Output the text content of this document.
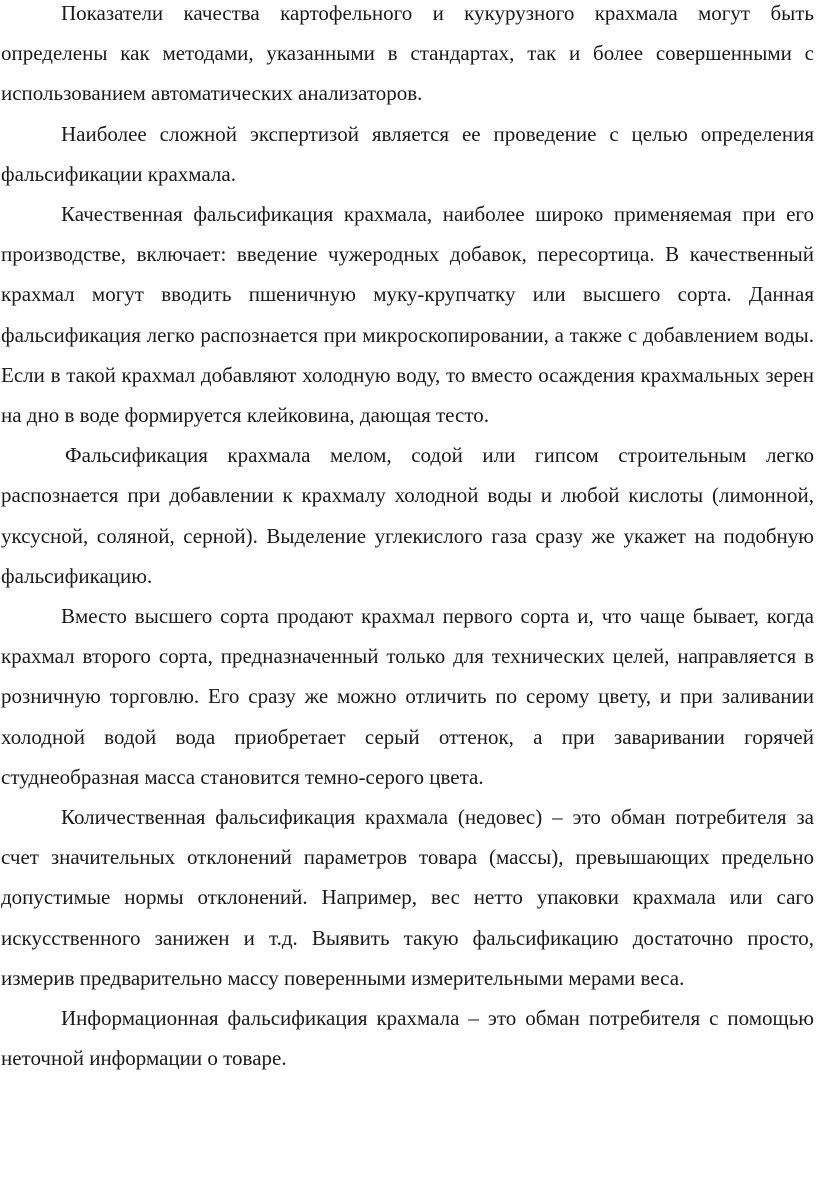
Показатели качества картофельного и кукурузного крахмала могут быть определены как методами, указанными в стандартах, так и более совершенными с использованием автоматических анализаторов.

Наиболее сложной экспертизой является ее проведение с целью определения фальсификации крахмала.

Качественная фальсификация крахмала, наиболее широко применяемая при его производстве, включает: введение чужеродных добавок, пересортица. В качественный крахмал могут вводить пшеничную муку-крупчатку или высшего сорта. Данная фальсификация легко распознается при микроскопировании, а также с добавлением воды. Если в такой крахмал добавляют холодную воду, то вместо осаждения крахмальных зерен на дно в воде формируется клейковина, дающая тесто.

Фальсификация крахмала мелом, содой или гипсом строительным легко распознается при добавлении к крахмалу холодной воды и любой кислоты (лимонной, уксусной, соляной, серной). Выделение углекислого газа сразу же укажет на подобную фальсификацию.

Вместо высшего сорта продают крахмал первого сорта и, что чаще бывает, когда крахмал второго сорта, предназначенный только для технических целей, направляется в розничную торговлю. Его сразу же можно отличить по серому цвету, и при заливании холодной водой вода приобретает серый оттенок, а при заваривании горячей студнеобразная масса становится темно-серого цвета.

Количественная фальсификация крахмала (недовес) – это обман потребителя за счет значительных отклонений параметров товара (массы), превышающих предельно допустимые нормы отклонений. Например, вес нетто упаковки крахмала или саго искусственного занижен и т.д. Выявить такую фальсификацию достаточно просто, измерив предварительно массу поверенными измерительными мерами веса.

Информационная фальсификация крахмала – это обман потребителя с помощью неточной информации о товаре.
